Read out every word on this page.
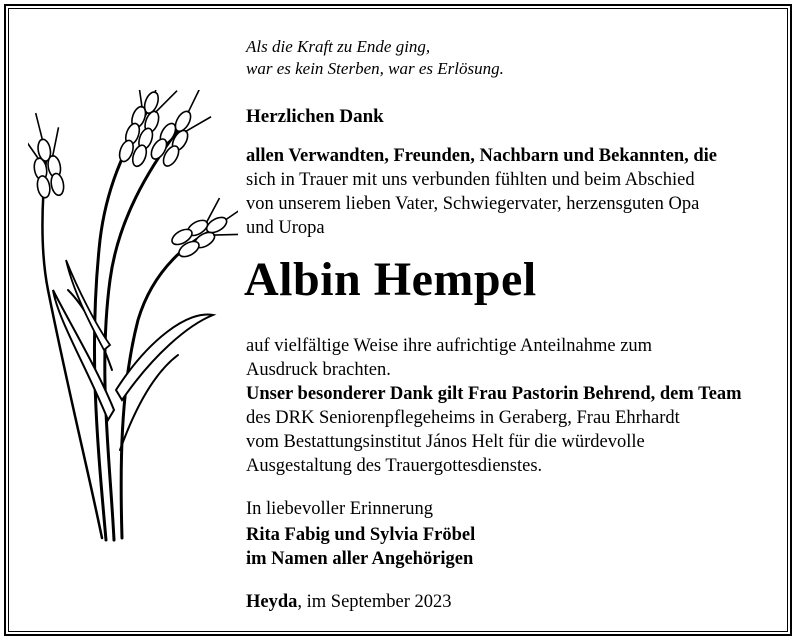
Als die Kraft zu Ende ging,
war es kein Sterben, war es Erlösung.
Herzlichen Dank
allen Verwandten, Freunden, Nachbarn und Bekannten, die
sich in Trauer mit uns verbunden fühlten und beim Abschied
von unserem lieben Vater, Schwiegervater, herzensguten Opa
und Uropa
Albin Hempel
auf vielfältige Weise ihre aufrichtige Anteilnahme zum
Ausdruck brachten.
Unser besonderer Dank gilt Frau Pastorin Behrend, dem Team
des DRK Seniorenpflegeheims in Geraberg, Frau Ehrhardt
vom Bestattungsinstitut János Helt für die würdevolle
Ausgestaltung des Trauergottesdienstes.
In liebevoller Erinnerung
Rita Fabig und Sylvia Fröbel
im Namen aller Angehörigen
Heyda, im September 2023
